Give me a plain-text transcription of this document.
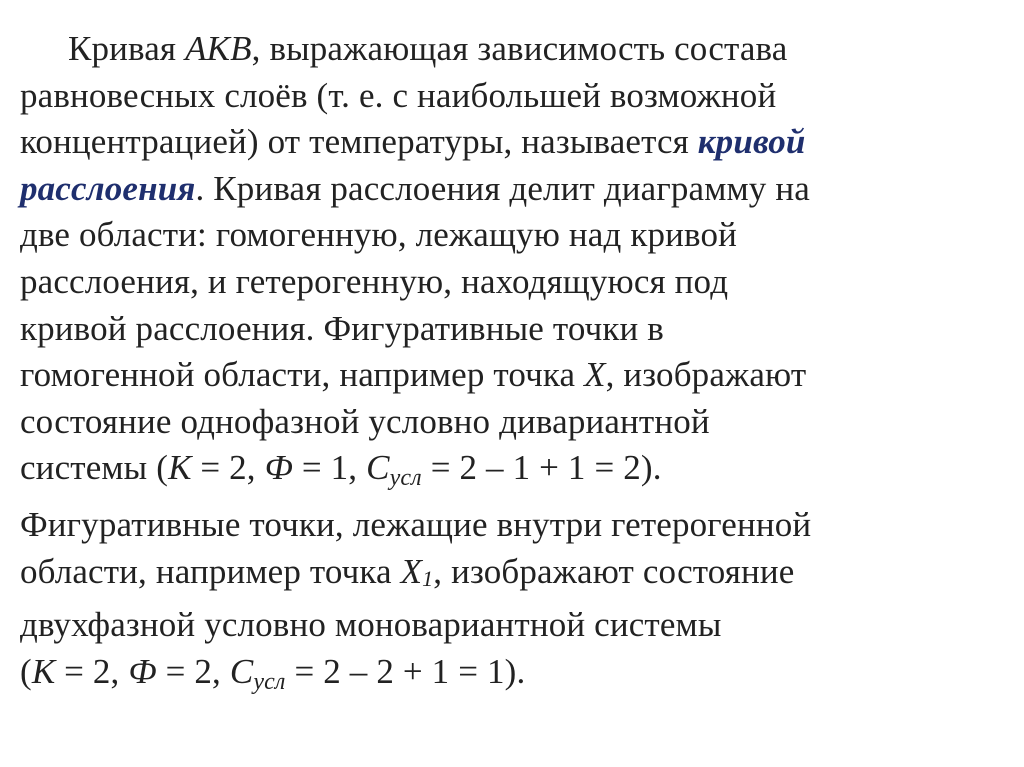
Кривая AKB, выражающая зависимость состава
равновесных слоёв (т. е. с наибольшей возможной
концентрацией) от температуры, называется кривой
расслоения. Кривая расслоения делит диаграмму на
две области: гомогенную, лежащую над кривой
расслоения, и гетерогенную, находящуюся под
кривой расслоения. Фигуративные точки в
гомогенной области, например точка X, изображают
состояние однофазной условно дивариантной
системы (К = 2, Ф = 1, $С_{усл} = 2 - 1 + 1 = 2$).
Фигуративные точки, лежащие внутри гетерогенной
области, например точка X1, изображают состояние
двухфазной условно моновариантной системы
(К = 2, Ф = 2, $С_{усл} = 2 - 2 + 1 = 1$).
